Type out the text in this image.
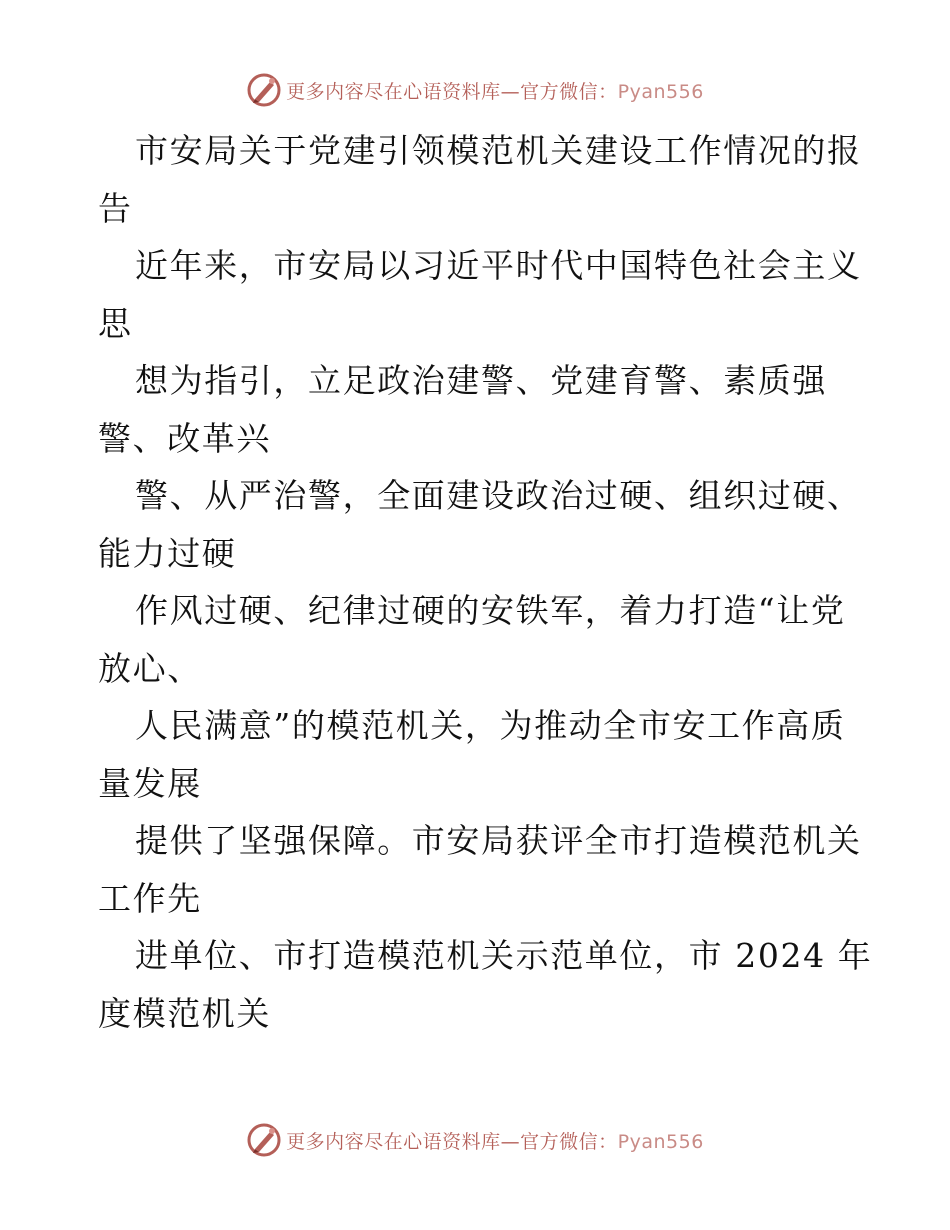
更多内容尽在心语资料库—官方微信：Pyan556
市安局关于党建引领模范机关建设工作情况的报
告
近年来，市安局以习近平时代中国特色社会主义
思
想为指引，立足政治建警、党建育警、素质强
警、改革兴
警、从严治警，全面建设政治过硬、组织过硬、
能力过硬
作风过硬、纪律过硬的安铁军，着力打造“让党
放心、
人民满意”的模范机关，为推动全市安工作高质
量发展
提供了坚强保障。市安局获评全市打造模范机关
工作先
进单位、市打造模范机关示范单位，市 2024 年
度模范机关
更多内容尽在心语资料库—官方微信：Pyan556
